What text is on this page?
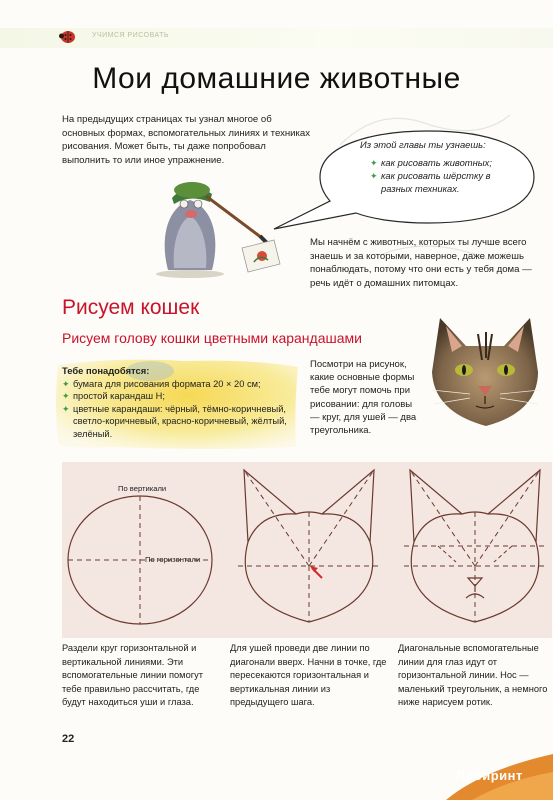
УЧИМСЯ РИСОВАТЬ
Мои домашние животные

На предыдущих страницах ты узнал многое об основных формах, вспомогательных линиях и техниках рисования. Может быть, ты даже попробовал выполнить то или иное упражнение.

Из этой главы ты узнаешь:
✦ как рисовать животных;
✦ как рисовать шёрстку в разных техниках.

Мы начнём с животных, которых ты лучше всего знаешь и за которыми, наверное, даже можешь понаблюдать, потому что они есть у тебя дома — речь идёт о домашних питомцах.

Рисуем кошек
Рисуем голову кошки цветными карандашами
Тебе понадобятся:
✦ бумага для рисования формата 20 × 20 см;
✦ простой карандаш H;
✦ цветные карандаши: чёрный, тёмно-коричневый, светло-коричневый, красно-коричневый, жёлтый, зелёный.

Посмотри на рисунок, какие основные формы тебе могут помочь при рисовании: для головы — круг, для ушей — два треугольника.

По вертикали
По горизонтали

Раздели круг горизонтальной и вертикальной линиями. Эти вспомогательные линии помогут тебе правильно рассчитать, где будут находиться уши и глаза.

Для ушей проведи две линии по диагонали вверх. Начни в точке, где пересекаются горизонтальная и вертикальная линии из предыдущего шага.

Диагональные вспомогательные линии для глаз идут от горизонтальной линии. Нос — маленький треугольник, а немного ниже нарисуем ротик.

22
Лабиринт
